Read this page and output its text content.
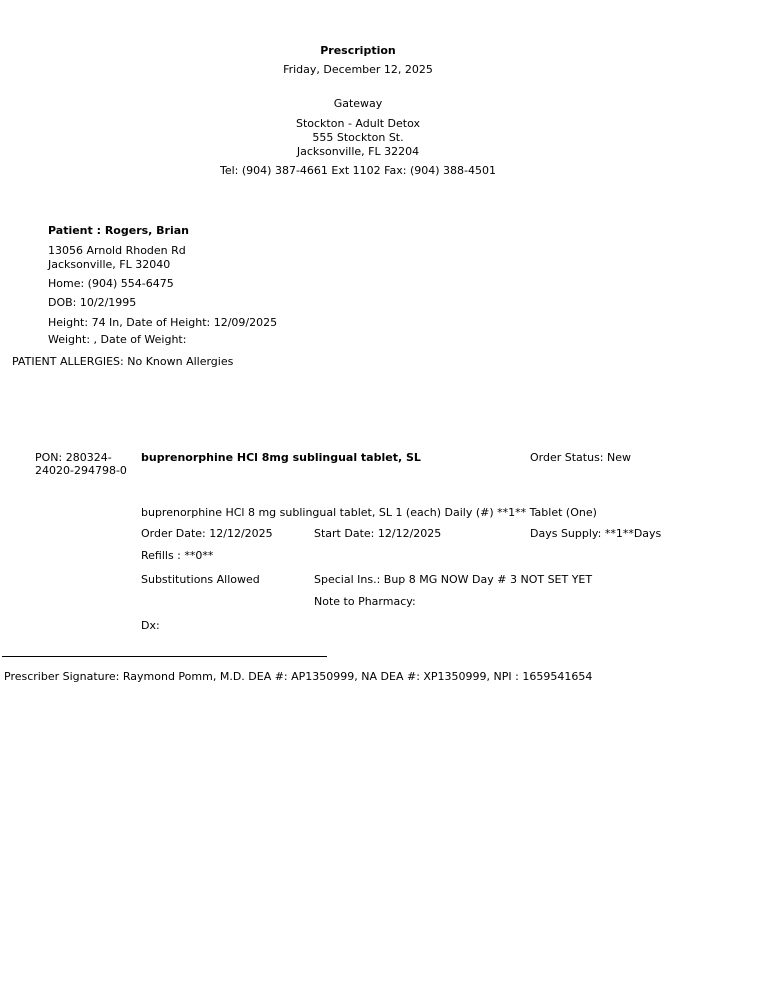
Prescription
Friday, December 12, 2025
Gateway
Stockton - Adult Detox
555 Stockton St.
Jacksonville, FL 32204
Tel: (904) 387-4661 Ext 1102 Fax: (904) 388-4501
Patient : Rogers, Brian
13056 Arnold Rhoden Rd
Jacksonville, FL 32040
Home: (904) 554-6475
DOB: 10/2/1995
Height: 74 In, Date of Height: 12/09/2025
Weight: , Date of Weight:
PATIENT ALLERGIES: No Known Allergies
PON: 280324-24020-294798-0
buprenorphine HCl 8mg sublingual tablet, SL	Order Status: New
buprenorphine HCl 8 mg sublingual tablet, SL 1 (each) Daily (#) **1** Tablet (One)
Order Date: 12/12/2025	Start Date: 12/12/2025	Days Supply: **1**Days
Refills : **0**
Substitutions Allowed	Special Ins.: Bup 8 MG NOW Day # 3 NOT SET YET
Note to Pharmacy:
Dx:
Prescriber Signature: Raymond Pomm, M.D. DEA #: AP1350999, NA DEA #: XP1350999, NPI : 1659541654
